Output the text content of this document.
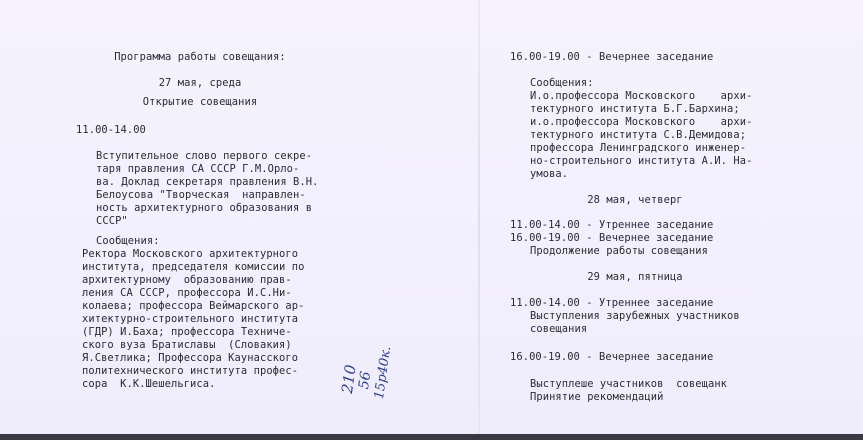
Программа работы совещания:
27 мая, среда
Открытие совещания
11.00-14.00
Вступительное слово первого секре-
таря правления СА СССР Г.М.Орло-
ва. Доклад секретаря правления В.Н.
Белоусова "Творческая  направлен-
ность архитектурного образования в
СССР"
Сообщения:
Ректора Московского архитектурного
института, председателя комиссии по
архитектурному  образованию прав-
ления СА СССР, профессора И.С.Ни-
колаева; профессора Веймарского ар-
хитектурно-строительного института
(ГДР) И.Баха; профессора Техниче-
ского вуза Братиславы  (Словакия)
Я.Светлика; Профессора Каунасского
политехнического института профес-
сора  К.К.Шешельгиса.	210
56
15р40к.
16.00-19.00 - Вечернее заседание
Сообщения:
И.о.профессора Московского    архи-
тектурного института Б.Г.Бархина;
и.о.профессора Московского    архи-
тектурного института С.В.Демидова;
профессора Ленинградского инженер-
но-строительного института А.И. На-
умова.
28 мая, четверг
11.00-14.00 - Утреннее заседание
16.00-19.00 - Вечернее заседание
Продолжение работы совещания
29 мая, пятница
11.00-14.00 - Утреннее заседание
Выступления зарубежных участников
совещания
16.00-19.00 - Вечернее заседание
Выступлеше участников  совещанк
Принятие рекомендаций
